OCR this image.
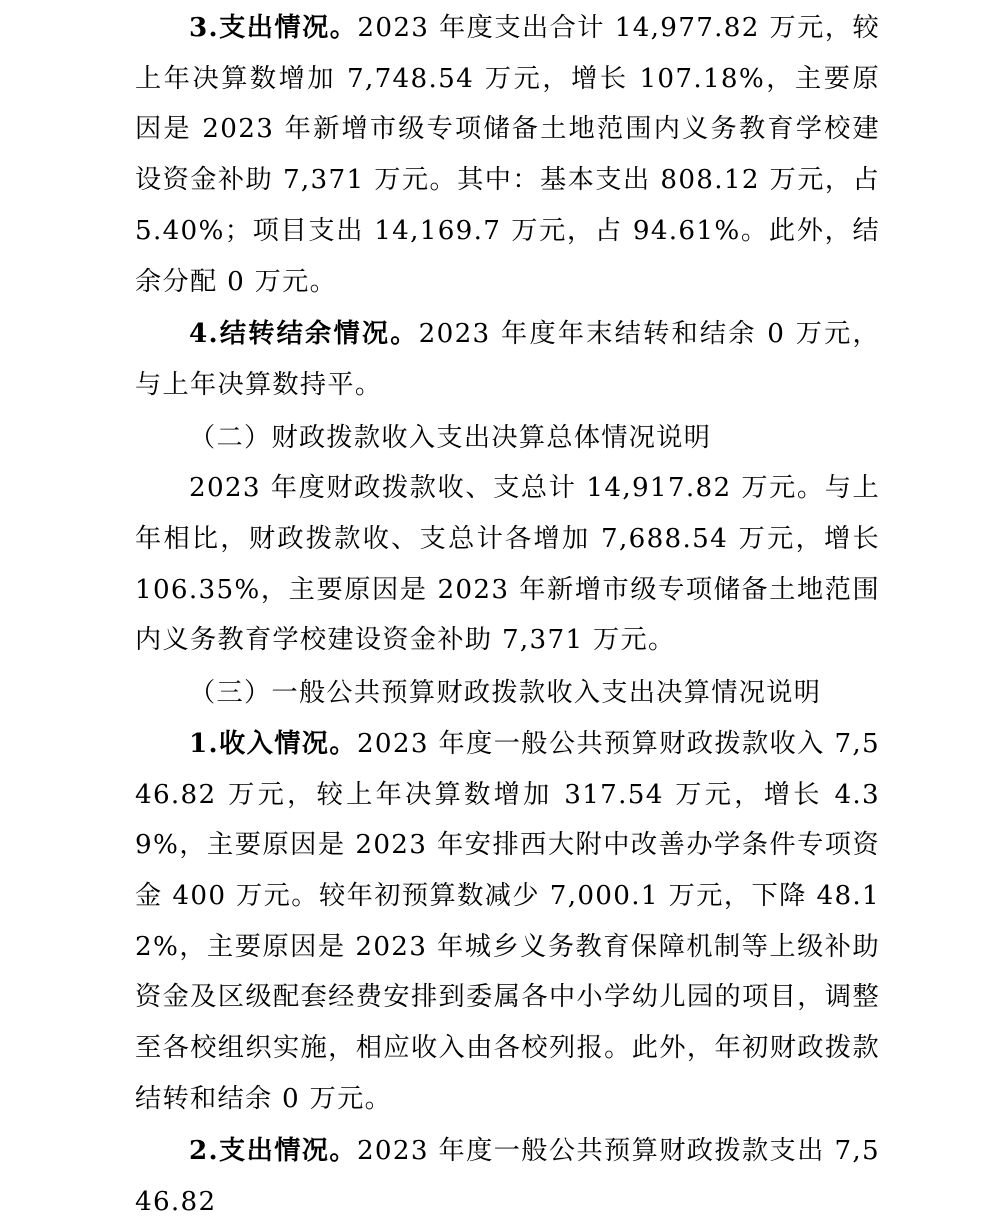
3.支出情况。2023 年度支出合计 14,977.82 万元，较上年决算数增加 7,748.54 万元，增长 107.18%，主要原因是 2023 年新增市级专项储备土地范围内义务教育学校建设资金补助 7,371 万元。其中：基本支出 808.12 万元，占 5.40%；项目支出 14,169.7 万元，占 94.61%。此外，结余分配 0 万元。

4.结转结余情况。2023 年度年末结转和结余 0 万元，与上年决算数持平。

（二）财政拨款收入支出决算总体情况说明

2023 年度财政拨款收、支总计 14,917.82 万元。与上年相比，财政拨款收、支总计各增加 7,688.54 万元，增长 106.35%，主要原因是 2023 年新增市级专项储备土地范围内义务教育学校建设资金补助 7,371 万元。

（三）一般公共预算财政拨款收入支出决算情况说明

1.收入情况。2023 年度一般公共预算财政拨款收入 7,546.82 万元，较上年决算数增加 317.54 万元，增长 4.39%，主要原因是 2023 年安排西大附中改善办学条件专项资金 400 万元。较年初预算数减少 7,000.1 万元，下降 48.12%，主要原因是 2023 年城乡义务教育保障机制等上级补助资金及区级配套经费安排到委属各中小学幼儿园的项目，调整至各校组织实施，相应收入由各校列报。此外，年初财政拨款结转和结余 0 万元。

2.支出情况。2023 年度一般公共预算财政拨款支出 7,546.82
